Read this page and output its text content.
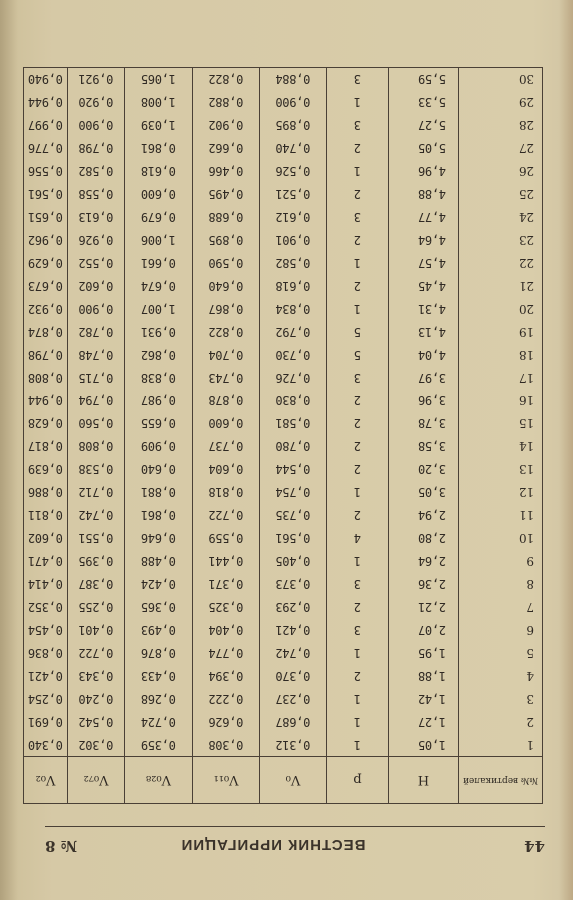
44
ВЕСТНИК ИРРИГАЦИИ
№ 8
№№ вертикалей	H	p	V₀	V₀₁₁	V₀₂₈	V₀₇₂	V₀₂
1	1,05	1	0,312	0,308	0,359	0,302	0,340
2	1,27	1	0,687	0,626	0,724	0,542	0,691
3	1,42	1	0,237	0,222	0,268	0,240	0,254
4	1,88	2	0,370	0,394	0,433	0,343	0,421
5	1,95	1	0,742	0,774	0,876	0,722	0,836
6	2,07	3	0,421	0,404	0,493	0,401	0,454
7	2,21	2	0,293	0,325	0,365	0,255	0,352
8	2,36	3	0,373	0,371	0,424	0,387	0,414
9	2,64	1	0,405	0,441	0,488	0,395	0,471
10	2,80	4	0,561	0,559	0,646	0,551	0,602
11	2,94	2	0,735	0,722	0,861	0,742	0,811
12	3,05	1	0,754	0,818	0,881	0,712	0,886
13	3,20	2	0,544	0,604	0,640	0,538	0,639
14	3,58	2	0,780	0,737	0,909	0,808	0,817
15	3,78	2	0,581	0,600	0,655	0,560	0,628
16	3,96	2	0,830	0,878	0,987	0,794	0,944
17	3,97	3	0,726	0,743	0,838	0,715	0,808
18	4,04	5	0,730	0,704	0,862	0,748	0,798
19	4,13	5	0,792	0,822	0,931	0,782	0,874
20	4,31	1	0,834	0,867	1,007	0,900	0,932
21	4,45	2	0,618	0,640	0,674	0,602	0,673
22	4,57	1	0,582	0,590	0,661	0,552	0,629
23	4,64	2	0,901	0,895	1,006	0,926	0,962
24	4,77	3	0,612	0,688	0,679	0,613	0,651
25	4,88	2	0,521	0,495	0,600	0,558	0,561
26	4,96	1	0,526	0,466	0,618	0,582	0,556
27	5,05	2	0,740	0,662	0,861	0,798	0,776
28	5,27	3	0,895	0,902	1,039	0,900	0,997
29	5,33	1	0,900	0,882	1,008	0,920	0,944
30	5,59	3	0,884	0,822	1,065	0,921	0,940
